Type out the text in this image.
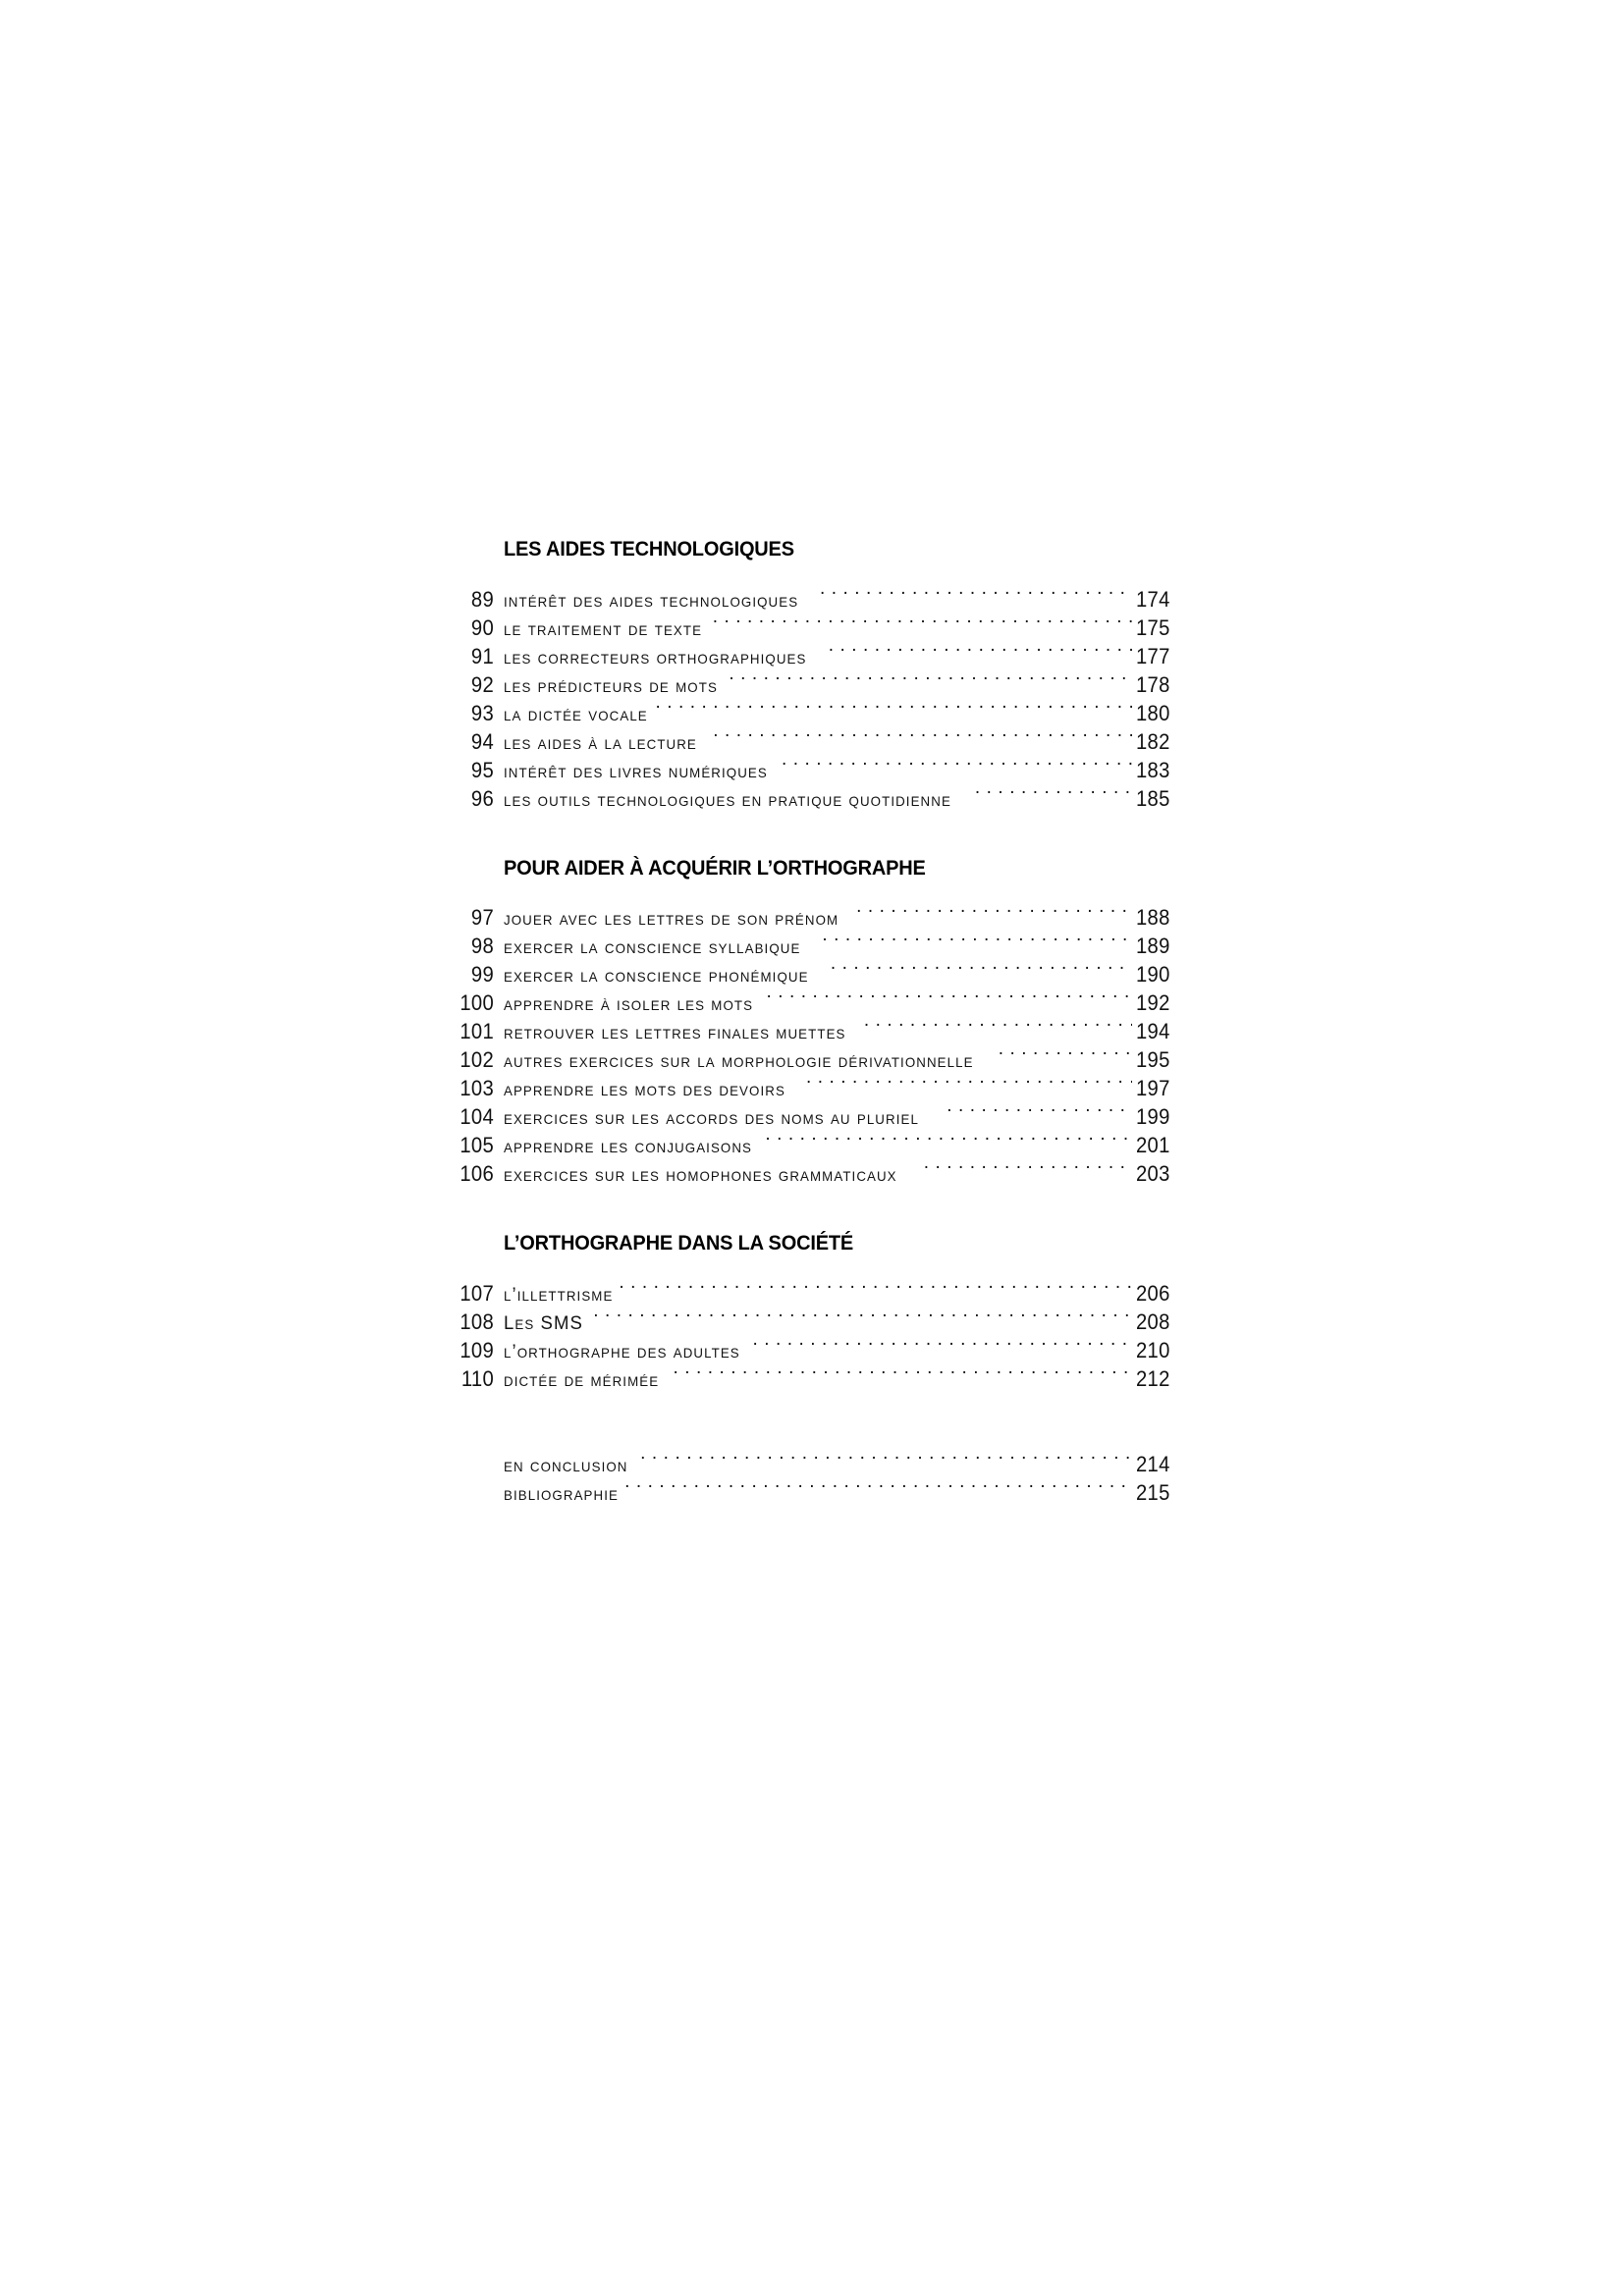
LES AIDES TECHNOLOGIQUES
89 intérêt des aides technologiques . . .	174
90 le traitement de texte . . .	175
91 les correcteurs orthographiques . . .	177
92 les prédicteurs de mots . . .	178
93 la dictée vocale . . .	180
94 les aides à la lecture . . .	182
95 intérêt des livres numériques . . .	183
96 les outils technologiques en pratique quotidienne . . .	185
POUR AIDER À ACQUÉRIR L’ORTHOGRAPHE
97 jouer avec les lettres de son prénom . . .	188
98 exercer la conscience syllabique . . .	189
99 exercer la conscience phonémique . . .	190
100 apprendre à isoler les mots . . .	192
101 retrouver les lettres finales muettes . . .	194
102 autres exercices sur la morphologie dérivationnelle . . .	195
103 apprendre les mots des devoirs . . .	197
104 exercices sur les accords des noms au pluriel . . .	199
105 apprendre les conjugaisons . . .	201
106 exercices sur les homophones grammaticaux . . .	203
L’ORTHOGRAPHE DANS LA SOCIÉTÉ
107 l’illettrisme . . .	206
108 Les SMS . . .	208
109 l’orthographe des adultes . . .	210
110 dictée de mérimée . . .	212
en conclusion . . .	214
bibliographie . . .	215
